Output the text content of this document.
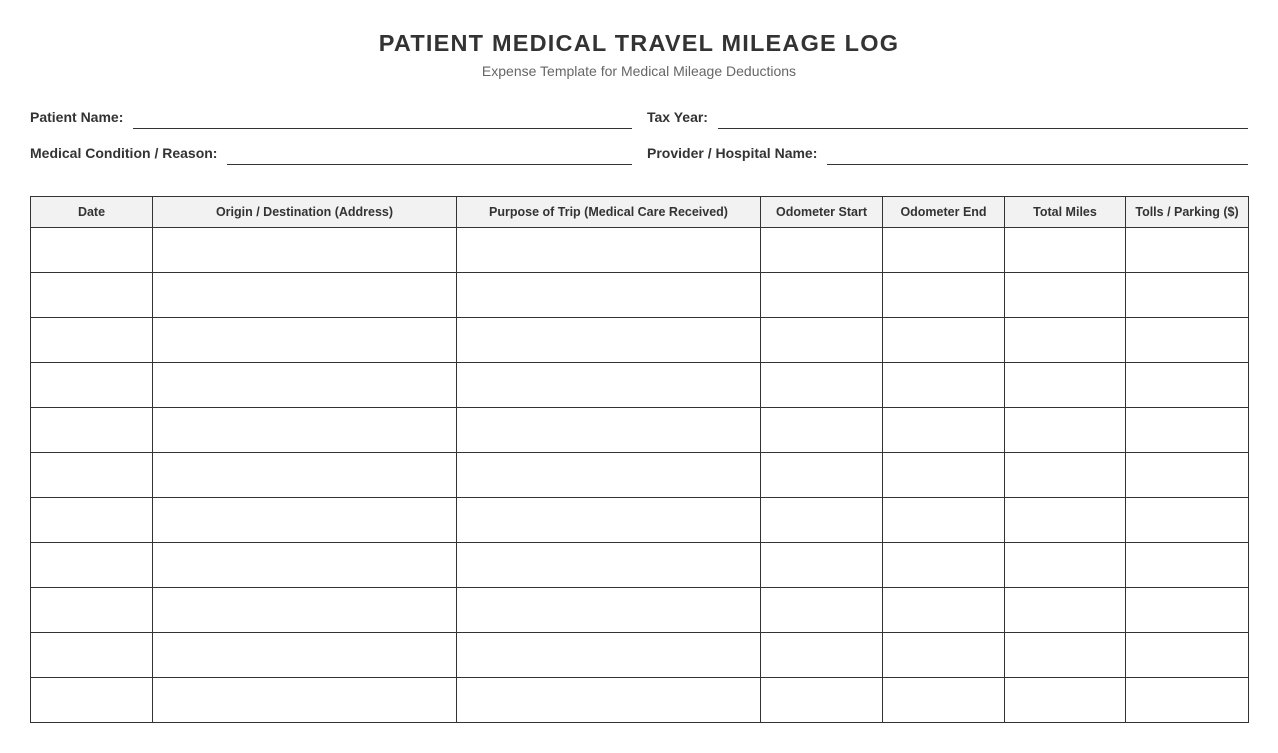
PATIENT MEDICAL TRAVEL MILEAGE LOG
Expense Template for Medical Mileage Deductions
Patient Name:	Tax Year:
Medical Condition / Reason:	Provider / Hospital Name:
Date	Origin / Destination (Address)	Purpose of Trip (Medical Care Received)	Odometer Start	Odometer End	Total Miles	Tolls / Parking ($)
